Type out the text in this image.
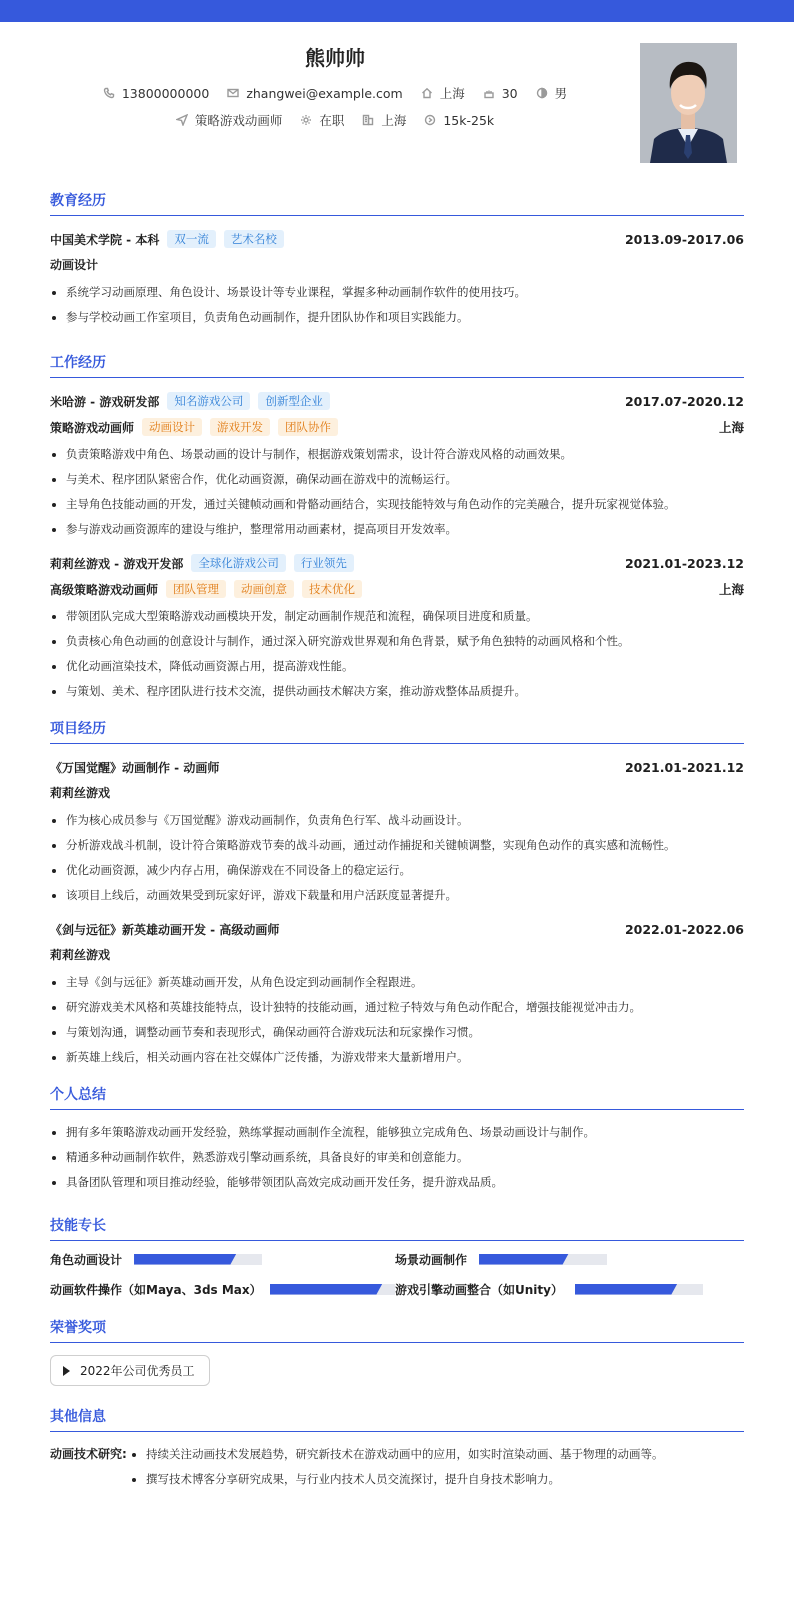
熊帅帅
13800000000	zhangwei@example.com	上海	30	男
策略游戏动画师	在职	上海	15k-25k
教育经历
中国美术学院 - 本科	双一流	艺术名校	2013.09-2017.06
动画设计
系统学习动画原理、角色设计、场景设计等专业课程，掌握多种动画制作软件的使用技巧。
参与学校动画工作室项目，负责角色动画制作，提升团队协作和项目实践能力。
工作经历
米哈游 - 游戏研发部	知名游戏公司	创新型企业	2017.07-2020.12
策略游戏动画师	动画设计	游戏开发	团队协作	上海
负责策略游戏中角色、场景动画的设计与制作，根据游戏策划需求，设计符合游戏风格的动画效果。
与美术、程序团队紧密合作，优化动画资源，确保动画在游戏中的流畅运行。
主导角色技能动画的开发，通过关键帧动画和骨骼动画结合，实现技能特效与角色动作的完美融合，提升玩家视觉体验。
参与游戏动画资源库的建设与维护，整理常用动画素材，提高项目开发效率。
莉莉丝游戏 - 游戏开发部	全球化游戏公司	行业领先	2021.01-2023.12
高级策略游戏动画师	团队管理	动画创意	技术优化	上海
带领团队完成大型策略游戏动画模块开发，制定动画制作规范和流程，确保项目进度和质量。
负责核心角色动画的创意设计与制作，通过深入研究游戏世界观和角色背景，赋予角色独特的动画风格和个性。
优化动画渲染技术，降低动画资源占用，提高游戏性能。
与策划、美术、程序团队进行技术交流，提供动画技术解决方案，推动游戏整体品质提升。
项目经历
《万国觉醒》动画制作 - 动画师	2021.01-2021.12
莉莉丝游戏
作为核心成员参与《万国觉醒》游戏动画制作，负责角色行军、战斗动画设计。
分析游戏战斗机制，设计符合策略游戏节奏的战斗动画，通过动作捕捉和关键帧调整，实现角色动作的真实感和流畅性。
优化动画资源，减少内存占用，确保游戏在不同设备上的稳定运行。
该项目上线后，动画效果受到玩家好评，游戏下载量和用户活跃度显著提升。
《剑与远征》新英雄动画开发 - 高级动画师	2022.01-2022.06
莉莉丝游戏
主导《剑与远征》新英雄动画开发，从角色设定到动画制作全程跟进。
研究游戏美术风格和英雄技能特点，设计独特的技能动画，通过粒子特效与角色动作配合，增强技能视觉冲击力。
与策划沟通，调整动画节奏和表现形式，确保动画符合游戏玩法和玩家操作习惯。
新英雄上线后，相关动画内容在社交媒体广泛传播，为游戏带来大量新增用户。
个人总结
拥有多年策略游戏动画开发经验，熟练掌握动画制作全流程，能够独立完成角色、场景动画设计与制作。
精通多种动画制作软件，熟悉游戏引擎动画系统，具备良好的审美和创意能力。
具备团队管理和项目推动经验，能够带领团队高效完成动画开发任务，提升游戏品质。
技能专长
角色动画设计	场景动画制作
动画软件操作（如Maya、3ds Max）	游戏引擎动画整合（如Unity）
荣誉奖项
2022年公司优秀员工
其他信息
动画技术研究:	持续关注动画技术发展趋势，研究新技术在游戏动画中的应用，如实时渲染动画、基于物理的动画等。
撰写技术博客分享研究成果，与行业内技术人员交流探讨，提升自身技术影响力。
